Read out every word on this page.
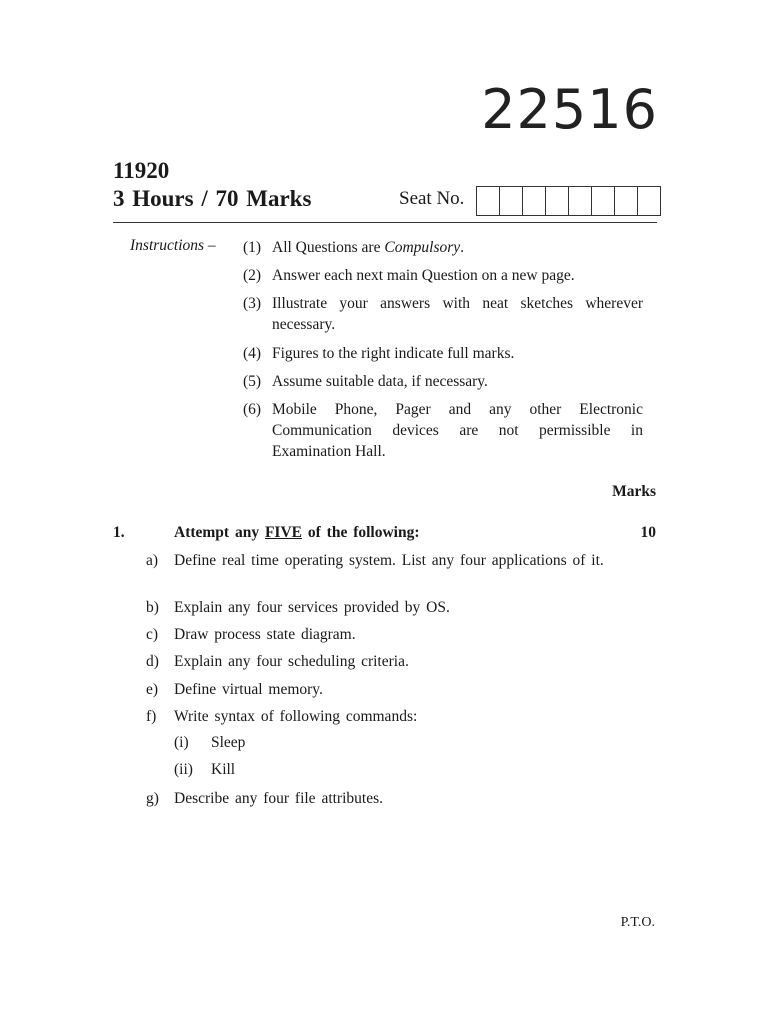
22516
11920
3 Hours / 70 Marks	Seat No.
Instructions – (1) All Questions are Compulsory.
(2) Answer each next main Question on a new page.
(3) Illustrate your answers with neat sketches wherever necessary.
(4) Figures to the right indicate full marks.
(5) Assume suitable data, if necessary.
(6) Mobile Phone, Pager and any other Electronic Communication devices are not permissible in Examination Hall.
Marks
1.	Attempt any FIVE of the following:	10
a)	Define real time operating system. List any four applications of it.
b) Explain any four services provided by OS.
c)	Draw process state diagram.
d) Explain any four scheduling criteria.
e)	Define virtual memory.
f)	Write syntax of following commands:
(i)	Sleep
(ii)	Kill
g) Describe any four file attributes.
P.T.O.
